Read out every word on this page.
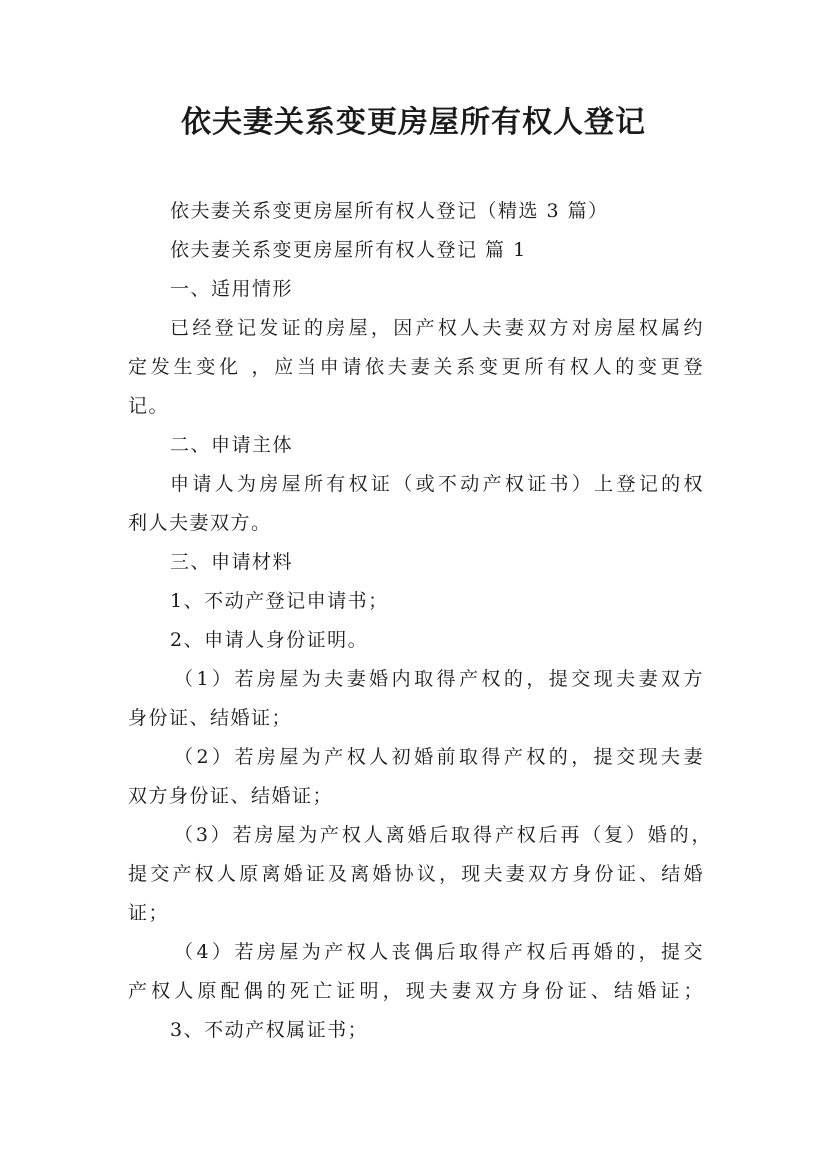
依夫妻关系变更房屋所有权人登记
依夫妻关系变更房屋所有权人登记（精选 3 篇）
依夫妻关系变更房屋所有权人登记 篇 1
一、适用情形
已经登记发证的房屋，因产权人夫妻双方对房屋权属约
定发生变化 ，应当申请依夫妻关系变更所有权人的变更登
记。
二、申请主体
申请人为房屋所有权证（或不动产权证书）上登记的权
利人夫妻双方。
三、申请材料
1、不动产登记申请书；
2、申请人身份证明。
（1）若房屋为夫妻婚内取得产权的，提交现夫妻双方
身份证、结婚证；
（2）若房屋为产权人初婚前取得产权的，提交现夫妻
双方身份证、结婚证；
（3）若房屋为产权人离婚后取得产权后再（复）婚的，
提交产权人原离婚证及离婚协议，现夫妻双方身份证、结婚
证；
（4）若房屋为产权人丧偶后取得产权后再婚的，提交
产权人原配偶的死亡证明，现夫妻双方身份证、结婚证；
3、不动产权属证书；
